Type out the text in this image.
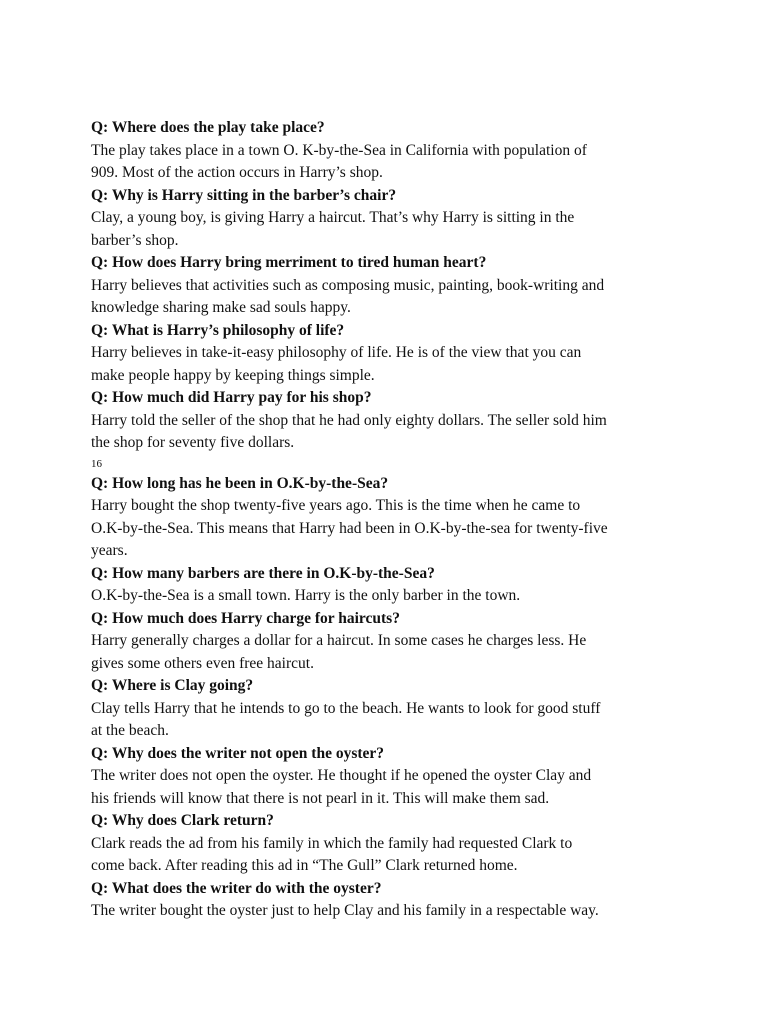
Q: Where does the play take place?

The play takes place in a town O. K-by-the-Sea in California with population of

909. Most of the action occurs in Harry’s shop.

Q: Why is Harry sitting in the barber’s chair?

Clay, a young boy, is giving Harry a haircut. That’s why Harry is sitting in the

barber’s shop.

Q: How does Harry bring merriment to tired human heart?

Harry believes that activities such as composing music, painting, book-writing and

knowledge sharing make sad souls happy.

Q: What is Harry’s philosophy of life?

Harry believes in take-it-easy philosophy of life. He is of the view that you can

make people happy by keeping things simple.

Q: How much did Harry pay for his shop?

Harry told the seller of the shop that he had only eighty dollars. The seller sold him

the shop for seventy five dollars.

16

Q: How long has he been in O.K-by-the-Sea?

Harry bought the shop twenty-five years ago. This is the time when he came to

O.K-by-the-Sea. This means that Harry had been in O.K-by-the-sea for twenty-five

years.

Q: How many barbers are there in O.K-by-the-Sea?

O.K-by-the-Sea is a small town. Harry is the only barber in the town.

Q: How much does Harry charge for haircuts?

Harry generally charges a dollar for a haircut. In some cases he charges less. He

gives some others even free haircut.

Q: Where is Clay going?

Clay tells Harry that he intends to go to the beach. He wants to look for good stuff

at the beach.

Q: Why does the writer not open the oyster?

The writer does not open the oyster. He thought if he opened the oyster Clay and

his friends will know that there is not pearl in it. This will make them sad.

Q: Why does Clark return?

Clark reads the ad from his family in which the family had requested Clark to

come back. After reading this ad in “The Gull” Clark returned home.

Q: What does the writer do with the oyster?

The writer bought the oyster just to help Clay and his family in a respectable way.
